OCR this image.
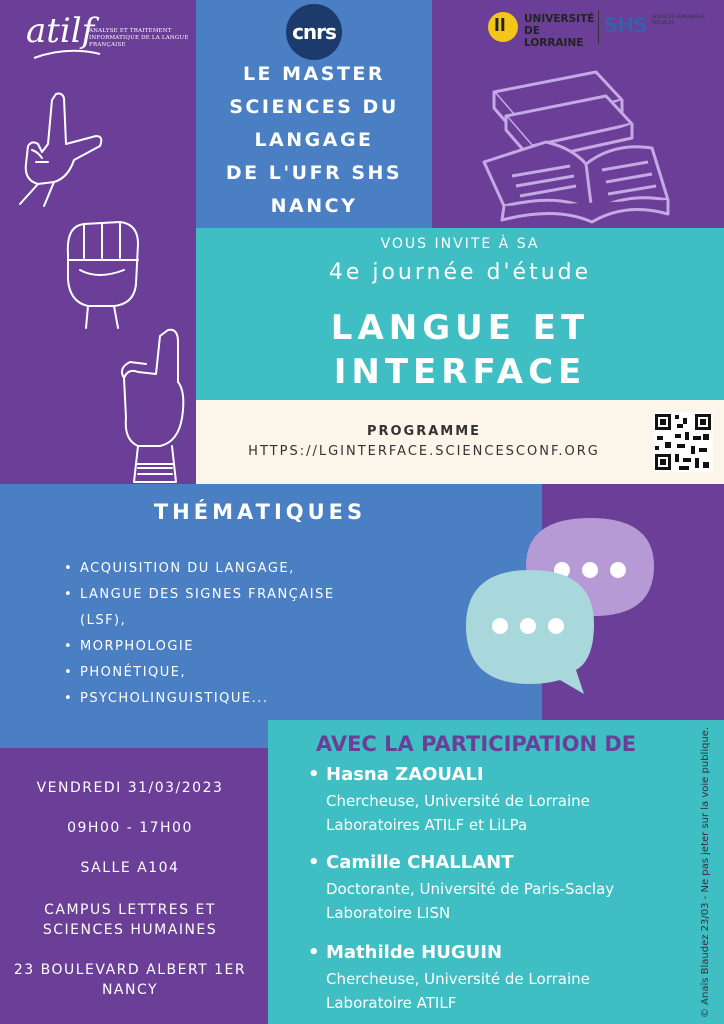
atilf
ANALYSE ET TRAITEMENT INFORMATIQUE DE LA LANGUE FRANÇAISE
cnrs	ll UNIVERSITÉ DE LORRAINE
SHS SCIENCES HUMAINES & SOCIALES
LE MASTER
SCIENCES DU
LANGAGE
DE L'UFR SHS
NANCY
VOUS INVITE À SA
4e journée d'étude
LANGUE ET
INTERFACE
PROGRAMME
HTTPS://LGINTERFACE.SCIENCESCONF.ORG
THÉMATIQUES
• ACQUISITION DU LANGAGE,
• LANGUE DES SIGNES FRANÇAISE
(LSF),
• MORPHOLOGIE
• PHONÉTIQUE,
• PSYCHOLINGUISTIQUE...
VENDREDI 31/03/2023
09H00 - 17H00
SALLE A104
CAMPUS LETTRES ET
SCIENCES HUMAINES
23 BOULEVARD ALBERT 1ER
NANCY
AVEC LA PARTICIPATION DE
• Hasna ZAOUALI
Chercheuse, Université de Lorraine
Laboratoires ATILF et LiLPa
• Camille CHALLANT
Doctorante, Université de Paris-Saclay
Laboratoire LISN
• Mathilde HUGUIN
Chercheuse, Université de Lorraine
Laboratoire ATILF	© Anaïs Blaudez 23/03 - Ne pas jeter sur la voie publique.
